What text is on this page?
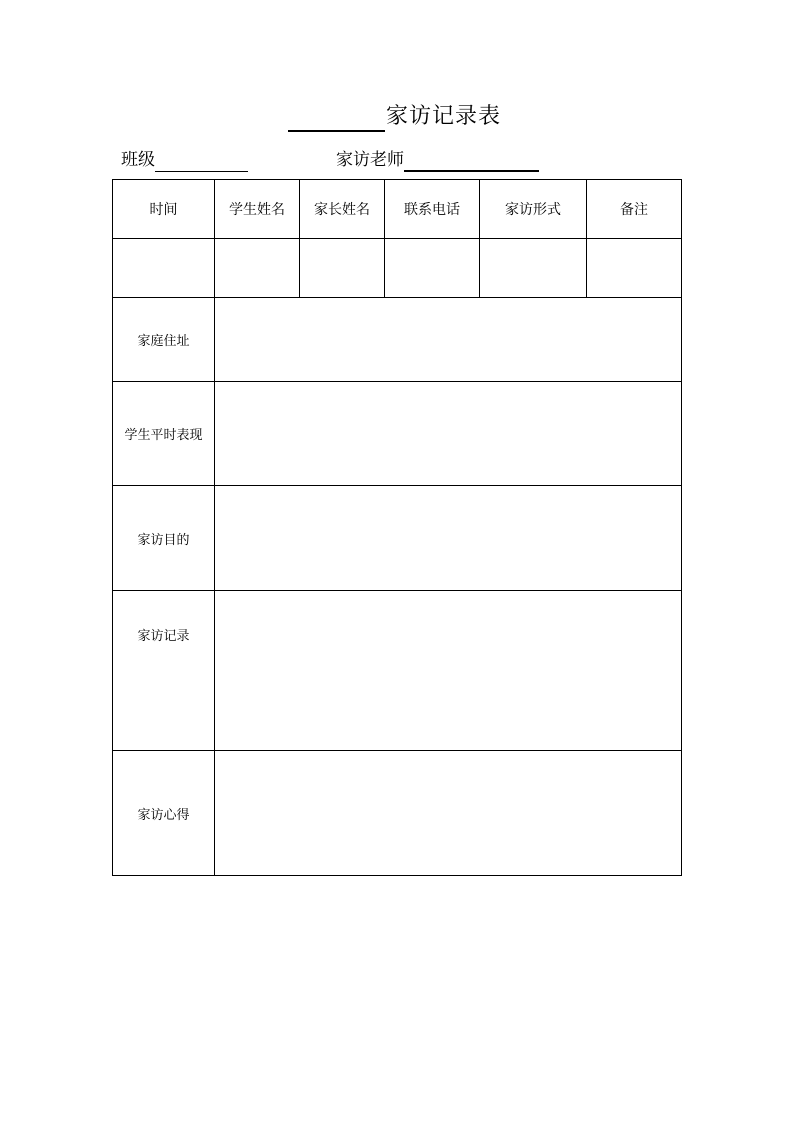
家访记录表
班级	家访老师
时间	学生姓名	家长姓名	联系电话	家访形式	备注

家庭住址					
学生平时表现					
家访目的					
家访记录					
家访心得					
